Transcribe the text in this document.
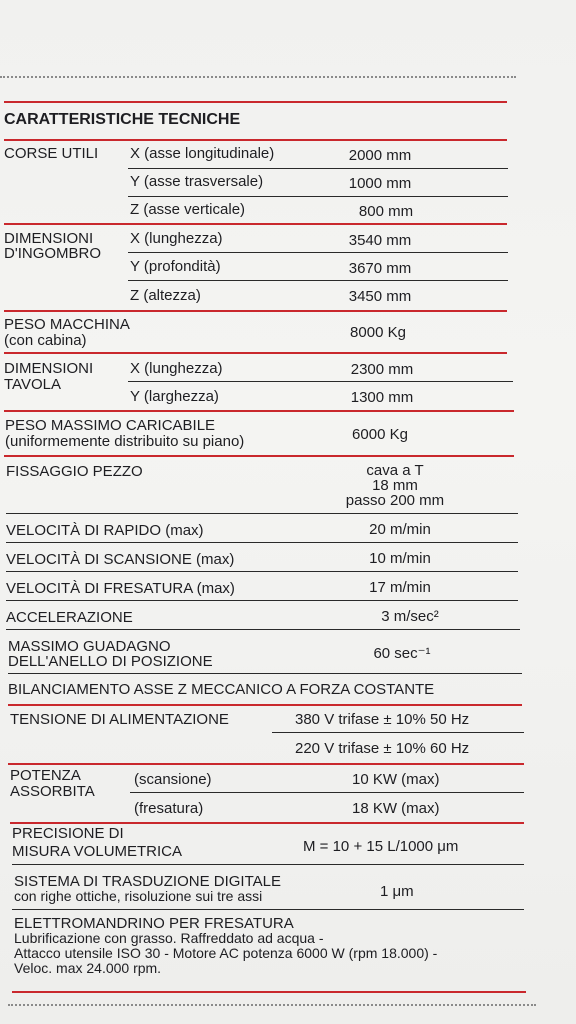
CARATTERISTICHE TECNICHE
CORSE UTILI X (asse longitudinale)	2000 mm
Y (asse trasversale)	1000 mm
Z (asse verticale)	800 mm
DIMENSIONI
D'INGOMBRO
X (lunghezza)	3540 mm
Y (profondità)	3670 mm
Z (altezza)	3450 mm
PESO MACCHINA
(con cabina)	8000 Kg
DIMENSIONI
TAVOLA
X (lunghezza)	2300 mm
Y (larghezza)	1300 mm
PESO MASSIMO CARICABILE
(uniformemente distribuito su piano)	6000 Kg
FISSAGGIO PEZZO	cava a T
18 mm
passo 200 mm
VELOCITÀ DI RAPIDO (max)	20 m/min
VELOCITÀ DI SCANSIONE (max)	10 m/min
VELOCITÀ DI FRESATURA (max)	17 m/min
ACCELERAZIONE	3 m/sec²
MASSIMO GUADAGNO
DELL'ANELLO DI POSIZIONE	60 sec⁻¹
BILANCIAMENTO ASSE Z MECCANICO A FORZA COSTANTE
TENSIONE DI ALIMENTAZIONE	380 V trifase ± 10% 50 Hz
220 V trifase ± 10% 60 Hz
POTENZA
ASSORBITA
(scansione)	10 KW (max)
(fresatura)	18 KW (max)
PRECISIONE DI
MISURA VOLUMETRICA	M = 10 + 15 L/1000 μm
SISTEMA DI TRASDUZIONE DIGITALE
con righe ottiche, risoluzione sui tre assi	1 μm
ELETTROMANDRINO PER FRESATURA
Lubrificazione con grasso. Raffreddato ad acqua -
Attacco utensile ISO 30 - Motore AC potenza 6000 W (rpm 18.000) -
Veloc. max 24.000 rpm.
